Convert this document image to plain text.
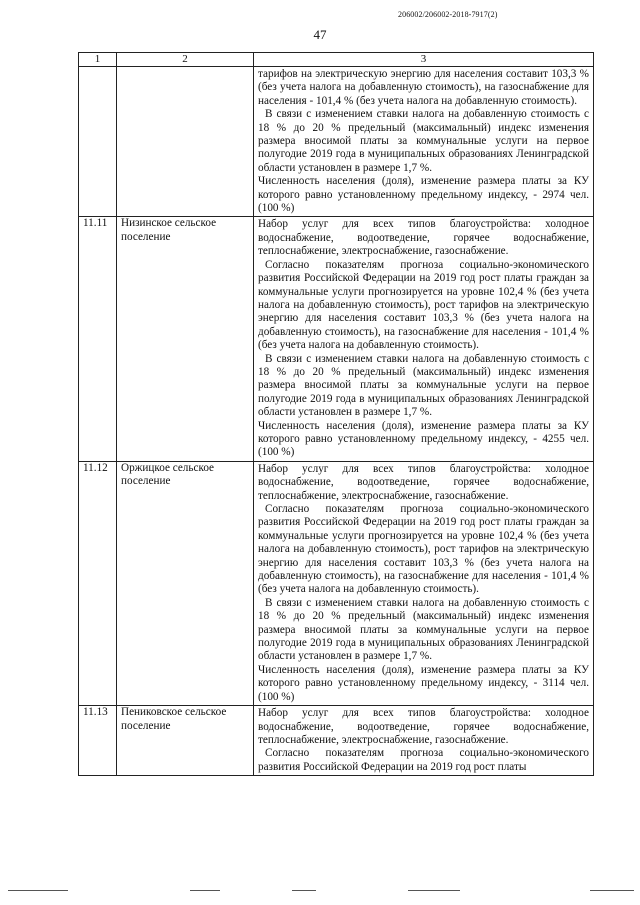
206002/206002-2018-7917(2)
47
1	2	3

		тарифов на электрическую энергию для населения составит 103,3 % (без учета налога на добавленную стоимость), на газоснабжение для населения - 101,4 % (без учета налога на добавленную стоимость).

В связи с изменением ставки налога на добавленную стоимость с 18 % до 20 % предельный (максимальный) индекс изменения размера вносимой платы за коммунальные услуги на первое полугодие 2019 года в муниципальных образованиях Ленинградской области установлен в размере 1,7 %.

Численность населения (доля), изменение размера платы за КУ которого равно установленному предельному индексу, - 2974 чел. (100 %)

11.11	Низинское сельское поселение	Набор услуг для всех типов благоустройства: холодное водоснабжение, водоотведение, горячее водоснабжение, теплоснабжение, электроснабжение, газоснабжение.

Согласно показателям прогноза социально-экономического развития Российской Федерации на 2019 год рост платы граждан за коммунальные услуги прогнозируется на уровне 102,4 % (без учета налога на добавленную стоимость), рост тарифов на электрическую энергию для населения составит 103,3 % (без учета налога на добавленную стоимость), на газоснабжение для населения - 101,4 % (без учета налога на добавленную стоимость).

В связи с изменением ставки налога на добавленную стоимость с 18 % до 20 % предельный (максимальный) индекс изменения размера вносимой платы за коммунальные услуги на первое полугодие 2019 года в муниципальных образованиях Ленинградской области установлен в размере 1,7 %.

Численность населения (доля), изменение размера платы за КУ которого равно установленному предельному индексу, - 4255 чел. (100 %)

11.12	Оржицкое сельское поселение	Набор услуг для всех типов благоустройства: холодное водоснабжение, водоотведение, горячее водоснабжение, теплоснабжение, электроснабжение, газоснабжение.

Согласно показателям прогноза социально-экономического развития Российской Федерации на 2019 год рост платы граждан за коммунальные услуги прогнозируется на уровне 102,4 % (без учета налога на добавленную стоимость), рост тарифов на электрическую энергию для населения составит 103,3 % (без учета налога на добавленную стоимость), на газоснабжение для населения - 101,4 % (без учета налога на добавленную стоимость).

В связи с изменением ставки налога на добавленную стоимость с 18 % до 20 % предельный (максимальный) индекс изменения размера вносимой платы за коммунальные услуги на первое полугодие 2019 года в муниципальных образованиях Ленинградской области установлен в размере 1,7 %.

Численность населения (доля), изменение размера платы за КУ которого равно установленному предельному индексу, - 3114 чел. (100 %)

11.13	Пениковское сельское поселение	Набор услуг для всех типов благоустройства: холодное водоснабжение, водоотведение, горячее водоснабжение, теплоснабжение, электроснабжение, газоснабжение.

Согласно показателям прогноза социально-экономического развития Российской Федерации на 2019 год рост платы
